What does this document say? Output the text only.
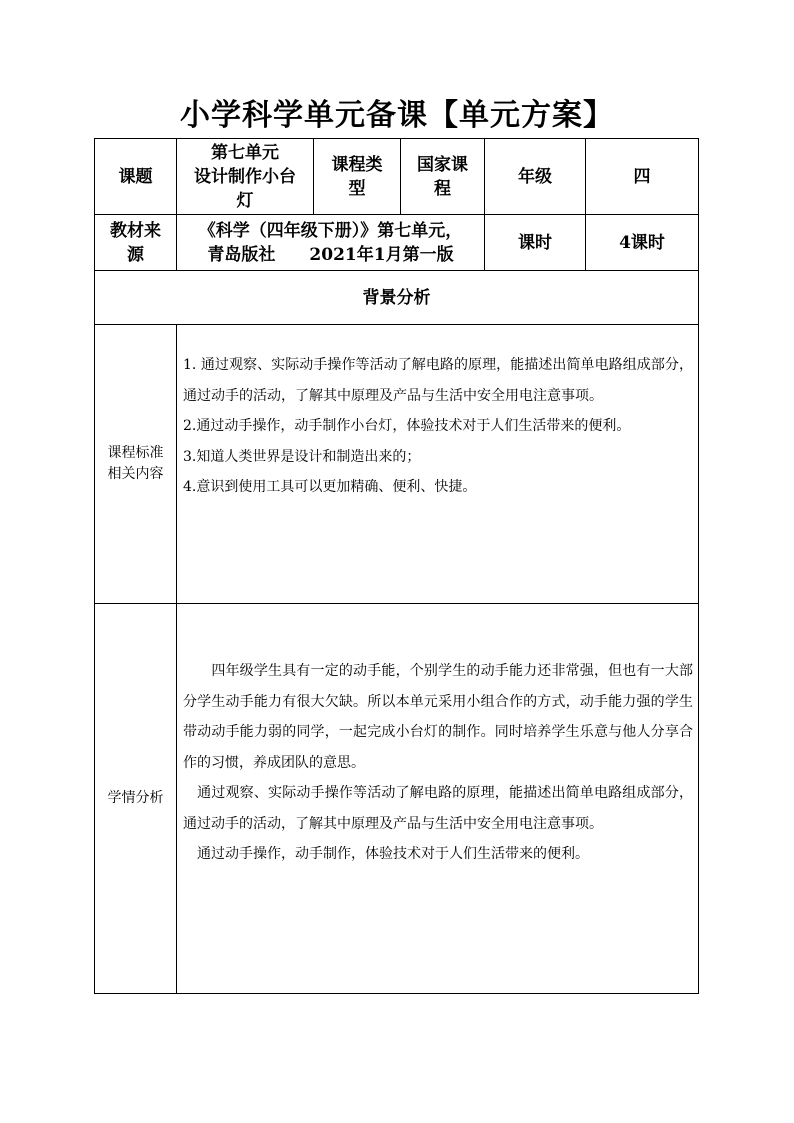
小学科学单元备课【单元方案】
课题
第七单元
设计制作小台
灯
课程类
型
国家课
程
年级	四
教材来
源
《科学（四年级下册）》第七单元，
青岛版社　　2021年1月第一版
课时	4课时
背景分析
课程标准
相关内容

1. 通过观察、实际动手操作等活动了解电路的原理，能描述出简单电路组成部分，通过动手的活动，了解其中原理及产品与生活中安全用电注意事项。

2.通过动手操作，动手制作小台灯，体验技术对于人们生活带来的便利。

3.知道人类世界是设计和制造出来的；

4.意识到使用工具可以更加精确、便利、快捷。

学情分析

　　四年级学生具有一定的动手能，个别学生的动手能力还非常强，但也有一大部分学生动手能力有很大欠缺。所以本单元采用小组合作的方式，动手能力强的学生带动动手能力弱的同学，一起完成小台灯的制作。同时培养学生乐意与他人分享合作的习惯，养成团队的意思。

　通过观察、实际动手操作等活动了解电路的原理，能描述出简单电路组成部分，通过动手的活动，了解其中原理及产品与生活中安全用电注意事项。

　通过动手操作，动手制作，体验技术对于人们生活带来的便利。
